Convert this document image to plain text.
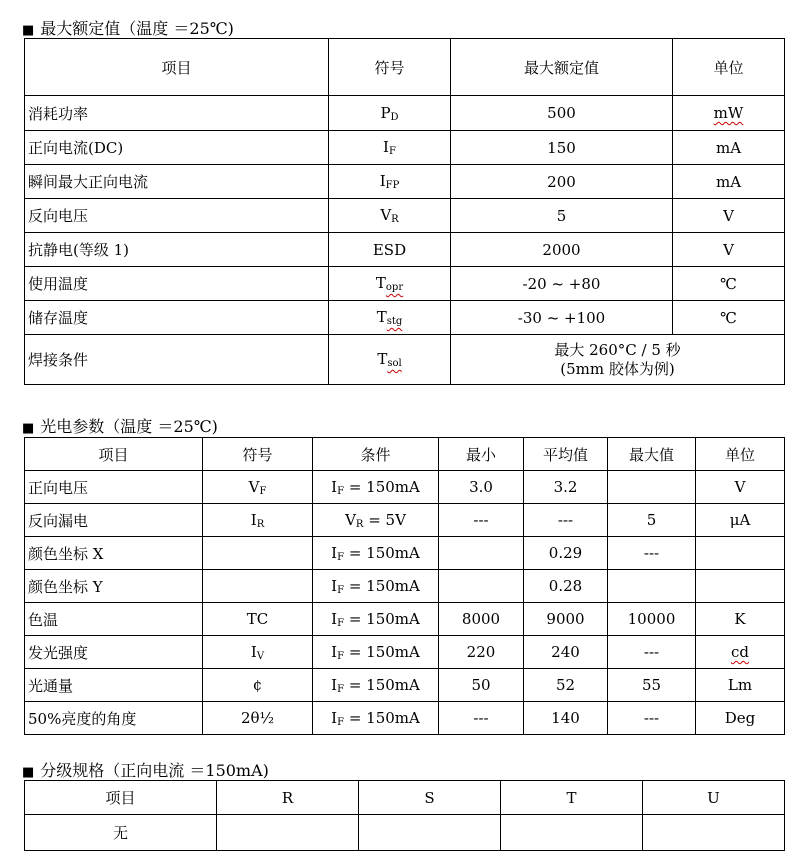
■ 最大额定值（温度 ＝25℃)
项目	符号	最大额定值	单位
消耗功率	$P_D$	500	mW
正向电流(DC)	$I_F$	150	mA
瞬间最大正向电流	$I_{FP}$	200	mA
反向电压	$V_R$	5	V
抗静电(等级 1)	ESD	2000	V
使用温度	$T_{opr}$	-20 ~ +80	℃
储存温度	$T_{stg}$	-30 ~ +100	℃
焊接条件	$T_{sol}$	最大 260°C / 5 秒
(5mm 胶体为例)	
■ 光电参数（温度 ＝25℃)
项目	符号	条件	最小	平均值	最大值	单位
正向电压	$V_F$	$I_F = 150mA$	3.0	3.2		V
反向漏电	$I_R$	$V_R = 5V$	---	---	5	μA
颜色坐标 X		$I_F = 150mA$		0.29	---	
颜色坐标 Y		$I_F = 150mA$		0.28		
色温	TC	$I_F = 150mA$	8000	9000	10000	K
发光强度	$I_V$	$I_F = 150mA$	220	240	---	cd
光通量	¢	$I_F = 150mA$	50	52	55	Lm
50%亮度的角度	2θ½	$I_F = 150mA$	---	140	---	Deg
■ 分级规格（正向电流 ＝150mA)
项目	R	S	T	U
无				
